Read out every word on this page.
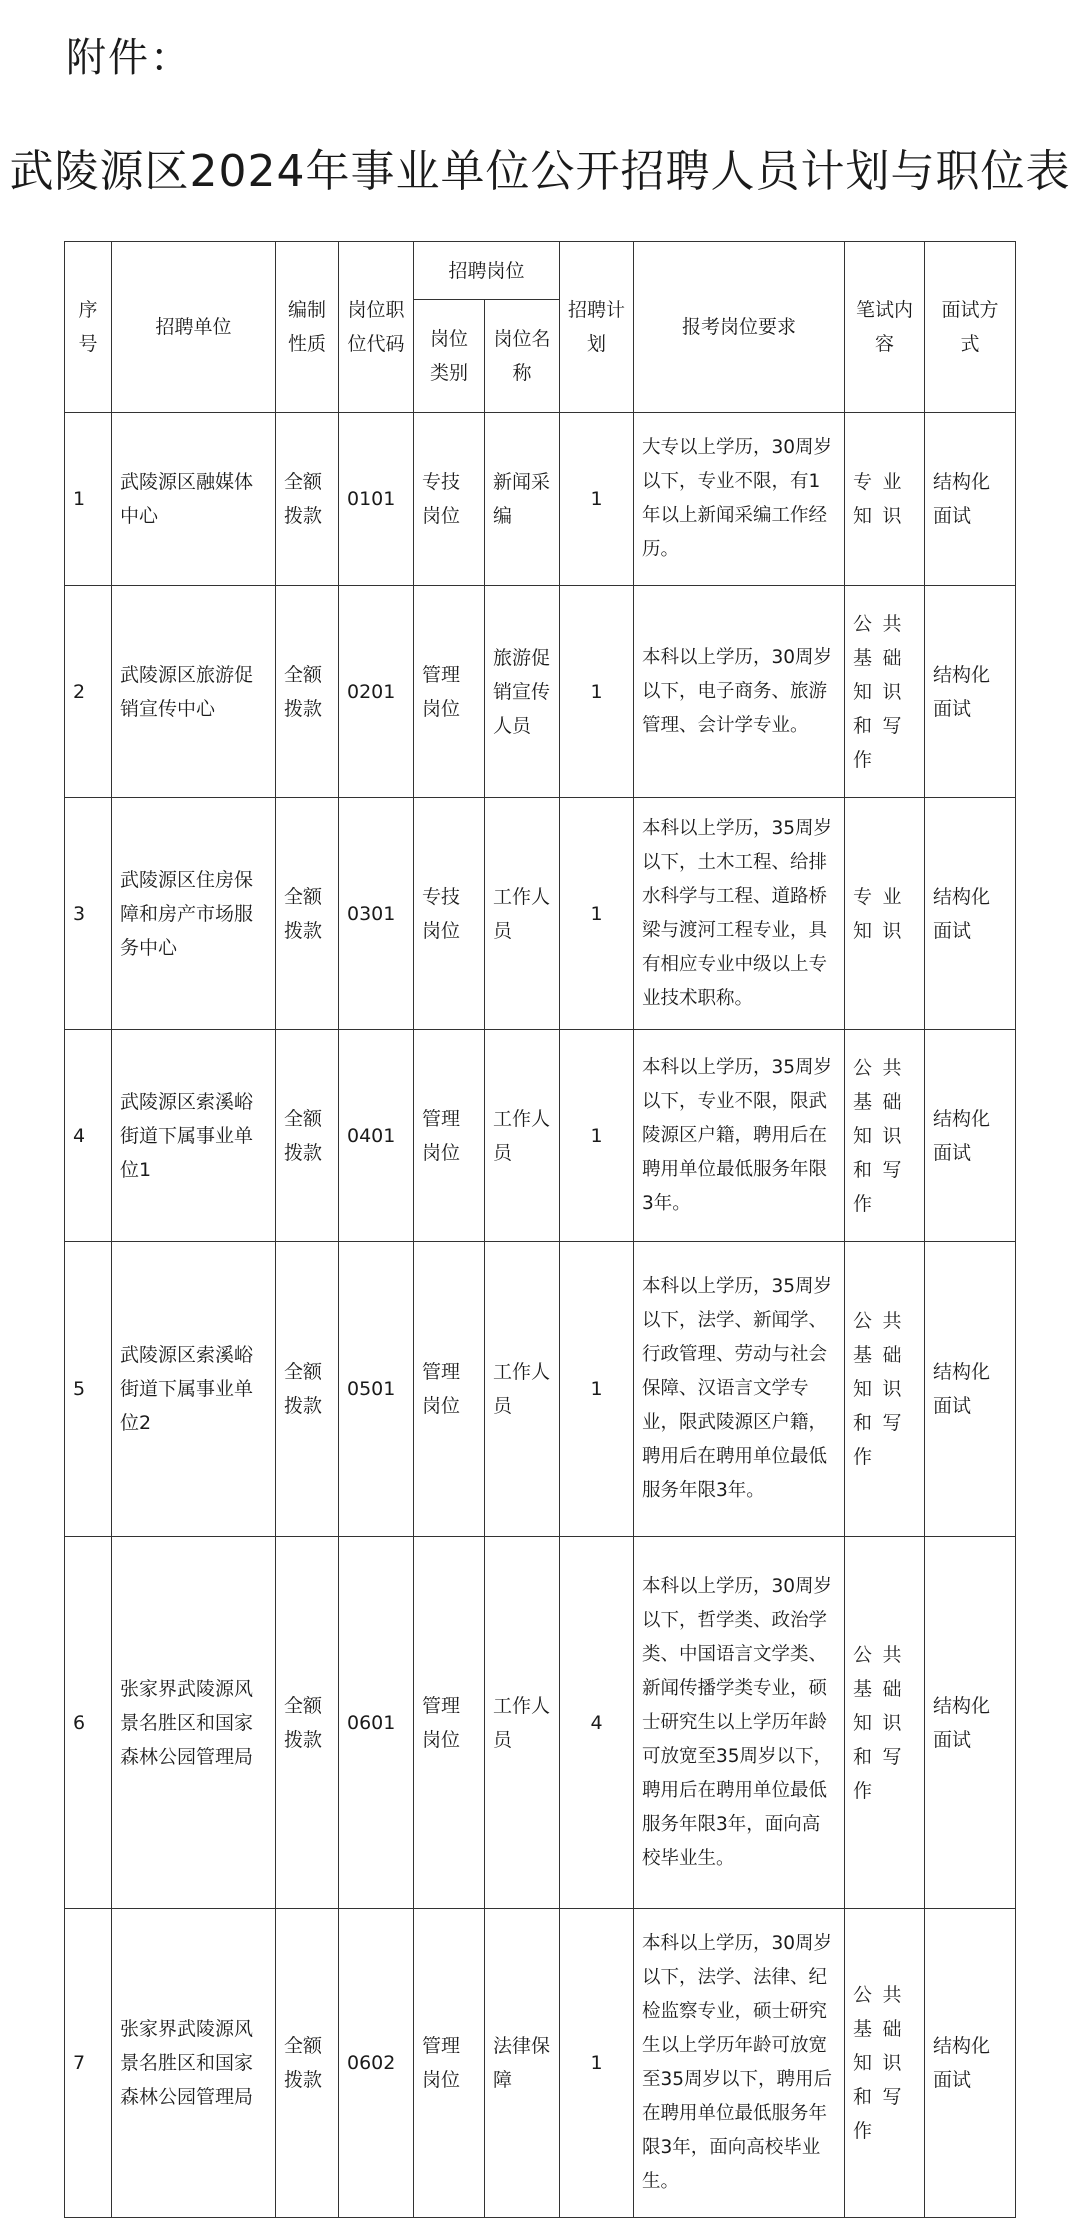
附件：
武陵源区2024年事业单位公开招聘人员计划与职位表
序号	招聘单位	编制性质	岗位职位代码	招聘岗位		招聘计划	报考岗位要求	笔试内容	面试方式
				岗位类别	岗位名称				
1	武陵源区融媒体中心	全额拨款	0101	专技岗位	新闻采编	1	大专以上学历，30周岁以下，专业不限，有1年以上新闻采编工作经历。	专业知识	结构化面试
2	武陵源区旅游促销宣传中心	全额拨款	0201	管理岗位	旅游促销宣传人员	1	本科以上学历，30周岁以下，电子商务、旅游管理、会计学专业。	公共基础知识和写作	结构化面试
3	武陵源区住房保障和房产市场服务中心	全额拨款	0301	专技岗位	工作人员	1	本科以上学历，35周岁以下，土木工程、给排水科学与工程、道路桥梁与渡河工程专业，具有相应专业中级以上专业技术职称。	专业知识	结构化面试
4	武陵源区索溪峪街道下属事业单位1	全额拨款	0401	管理岗位	工作人员	1	本科以上学历，35周岁以下，专业不限，限武陵源区户籍，聘用后在聘用单位最低服务年限3年。	公共基础知识和写作	结构化面试
5	武陵源区索溪峪街道下属事业单位2	全额拨款	0501	管理岗位	工作人员	1	本科以上学历，35周岁以下，法学、新闻学、行政管理、劳动与社会保障、汉语言文学专业，限武陵源区户籍，聘用后在聘用单位最低服务年限3年。	公共基础知识和写作	结构化面试
6	张家界武陵源风景名胜区和国家森林公园管理局	全额拨款	0601	管理岗位	工作人员	4	本科以上学历，30周岁以下，哲学类、政治学类、中国语言文学类、新闻传播学类专业，硕士研究生以上学历年龄可放宽至35周岁以下，聘用后在聘用单位最低服务年限3年，面向高校毕业生。	公共基础知识和写作	结构化面试
7	张家界武陵源风景名胜区和国家森林公园管理局	全额拨款	0602	管理岗位	法律保障	1	本科以上学历，30周岁以下，法学、法律、纪检监察专业，硕士研究生以上学历年龄可放宽至35周岁以下，聘用后在聘用单位最低服务年限3年，面向高校毕业生。	公共基础知识和写作	结构化面试
